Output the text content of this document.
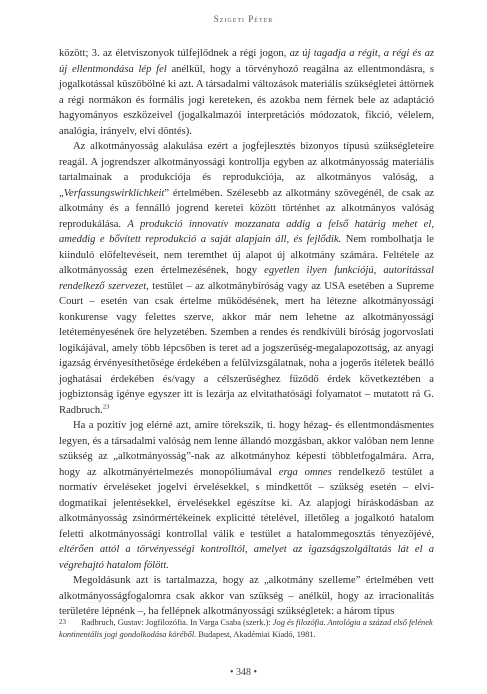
Szigeti Péter

között; 3. az életviszonyok túlfejlődnek a régi jogon, az új tagadja a régit, a régi és az új ellentmondása lép fel anélkül, hogy a törvényhozó reagálna az ellentmondásra, s jogalkotással küszöbölné ki azt. A társadalmi változások materiális szükségletei áttörnek a régi normákon és formális jogi kereteken, és azokba nem férnek bele az adaptáció hagyományos eszközeivel (jogalkalmazói interpretációs módozatok, fikció, vélelem, analógia, irányelv, elvi döntés).

Az alkotmányosság alakulása ezért a jogfejlesztés bizonyos típusú szükségleteire reagál. A jogrendszer alkotmányossági kontrollja egyben az alkotmányosság materiális tartalmainak a produkciója és reprodukciója, az alkotmányos valóság, a „Verfassungswirklichkeit” értelmében. Szélesebb az alkotmány szövegénél, de csak az alkotmány és a fennálló jogrend keretei között történhet az alkotmányos valóság reprodukálása. A produkció innovatív mozzanata addig a felső határig mehet el, ameddig e bővített reprodukció a saját alapjain áll, és fejlődik. Nem rombolhatja le kiinduló előfeltevéseit, nem teremthet új alapot új alkotmány számára. Feltétele az alkotmányosság ezen értelmezésének, hogy egyetlen ilyen funkciójú, autoritással rendelkező szervezet, testület – az alkotmánybíróság vagy az USA esetében a Supreme Court – esetén van csak értelme működésének, mert ha létezne alkotmányossági konkurense vagy felettes szerve, akkor már nem lehetne az alkotmányossági letéteményesének őre helyzetében. Szemben a rendes és rendkívüli bíróság jogorvoslati logikájával, amely több lépcsőben is teret ad a jogszerűség-megalapozottság, az anyagi igazság érvényesíthetősége érdekében a felülvizsgálatnak, noha a jogerős ítéletek beálló joghatásai érdekében és/vagy a célszerűséghez fűződő érdek következtében a jogbiztonság igénye egyszer itt is lezárja az elvitathatósági folyamatot – mutatott rá G. Radbruch.$^{23}$

Ha a pozitív jog elérné azt, amire törekszik, ti. hogy hézag- és ellentmondásmentes legyen, és a társadalmi valóság nem lenne állandó mozgásban, akkor valóban nem lenne szükség az „alkotmányosság”-nak az alkotmányhoz képesti többletfogalmára. Arra, hogy az alkotmányértelmezés monopóliumával erga omnes rendelkező testület a normatív érveléseket jogelvi érvelésekkel, s mindkettőt – szükség esetén – elvi-dogmatikai jelentésekkel, érvelésekkel egészítse ki. Az alapjogi bíráskodásban az alkotmányosság zsinórmértékeinek explicitté tételével, illetőleg a jogalkotó hatalom feletti alkotmányossági kontrollal válik e testület a hatalommegosztás tényezőjévé, eltérően attól a törvényességi kontrolltól, amelyet az igazságszolgáltatás lát el a végrehajtó hatalom fölött.

Megoldásunk azt is tartalmazza, hogy az „alkotmány szelleme” értelmében vett alkotmányosságfogalomra csak akkor van szükség – anélkül, hogy az irracionalitás területére lépnénk –, ha fellépnek alkotmányossági szükségletek: a három típus

23 Radbruch, Gustav: Jogfilozófia. In Varga Csaba (szerk.): Jog és filozófia. Antológia a század első felének kontinentális jogi gondolkodása köréből. Budapest, Akadémiai Kiadó, 1981.
• 348 •
